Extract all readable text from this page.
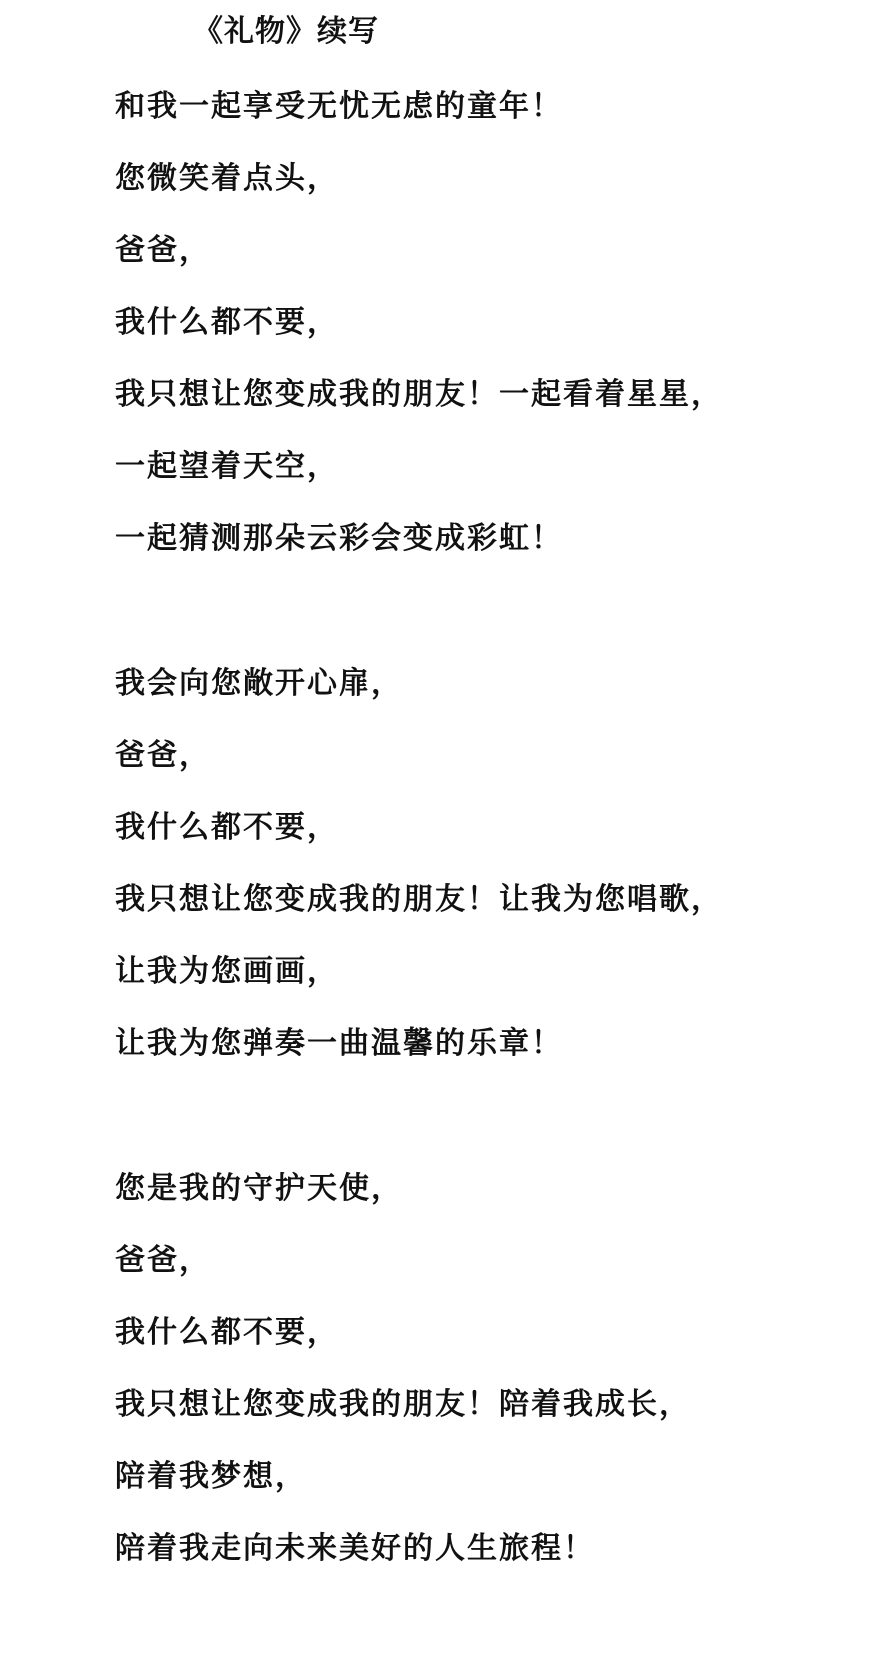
《礼物》续写
和我一起享受无忧无虑的童年！
您微笑着点头，
爸爸，
我什么都不要，
我只想让您变成我的朋友！一起看着星星，
一起望着天空，
一起猜测那朵云彩会变成彩虹！
我会向您敞开心扉，
爸爸，
我什么都不要，
我只想让您变成我的朋友！让我为您唱歌，
让我为您画画，
让我为您弹奏一曲温馨的乐章！
您是我的守护天使，
爸爸，
我什么都不要，
我只想让您变成我的朋友！陪着我成长，
陪着我梦想，
陪着我走向未来美好的人生旅程！
